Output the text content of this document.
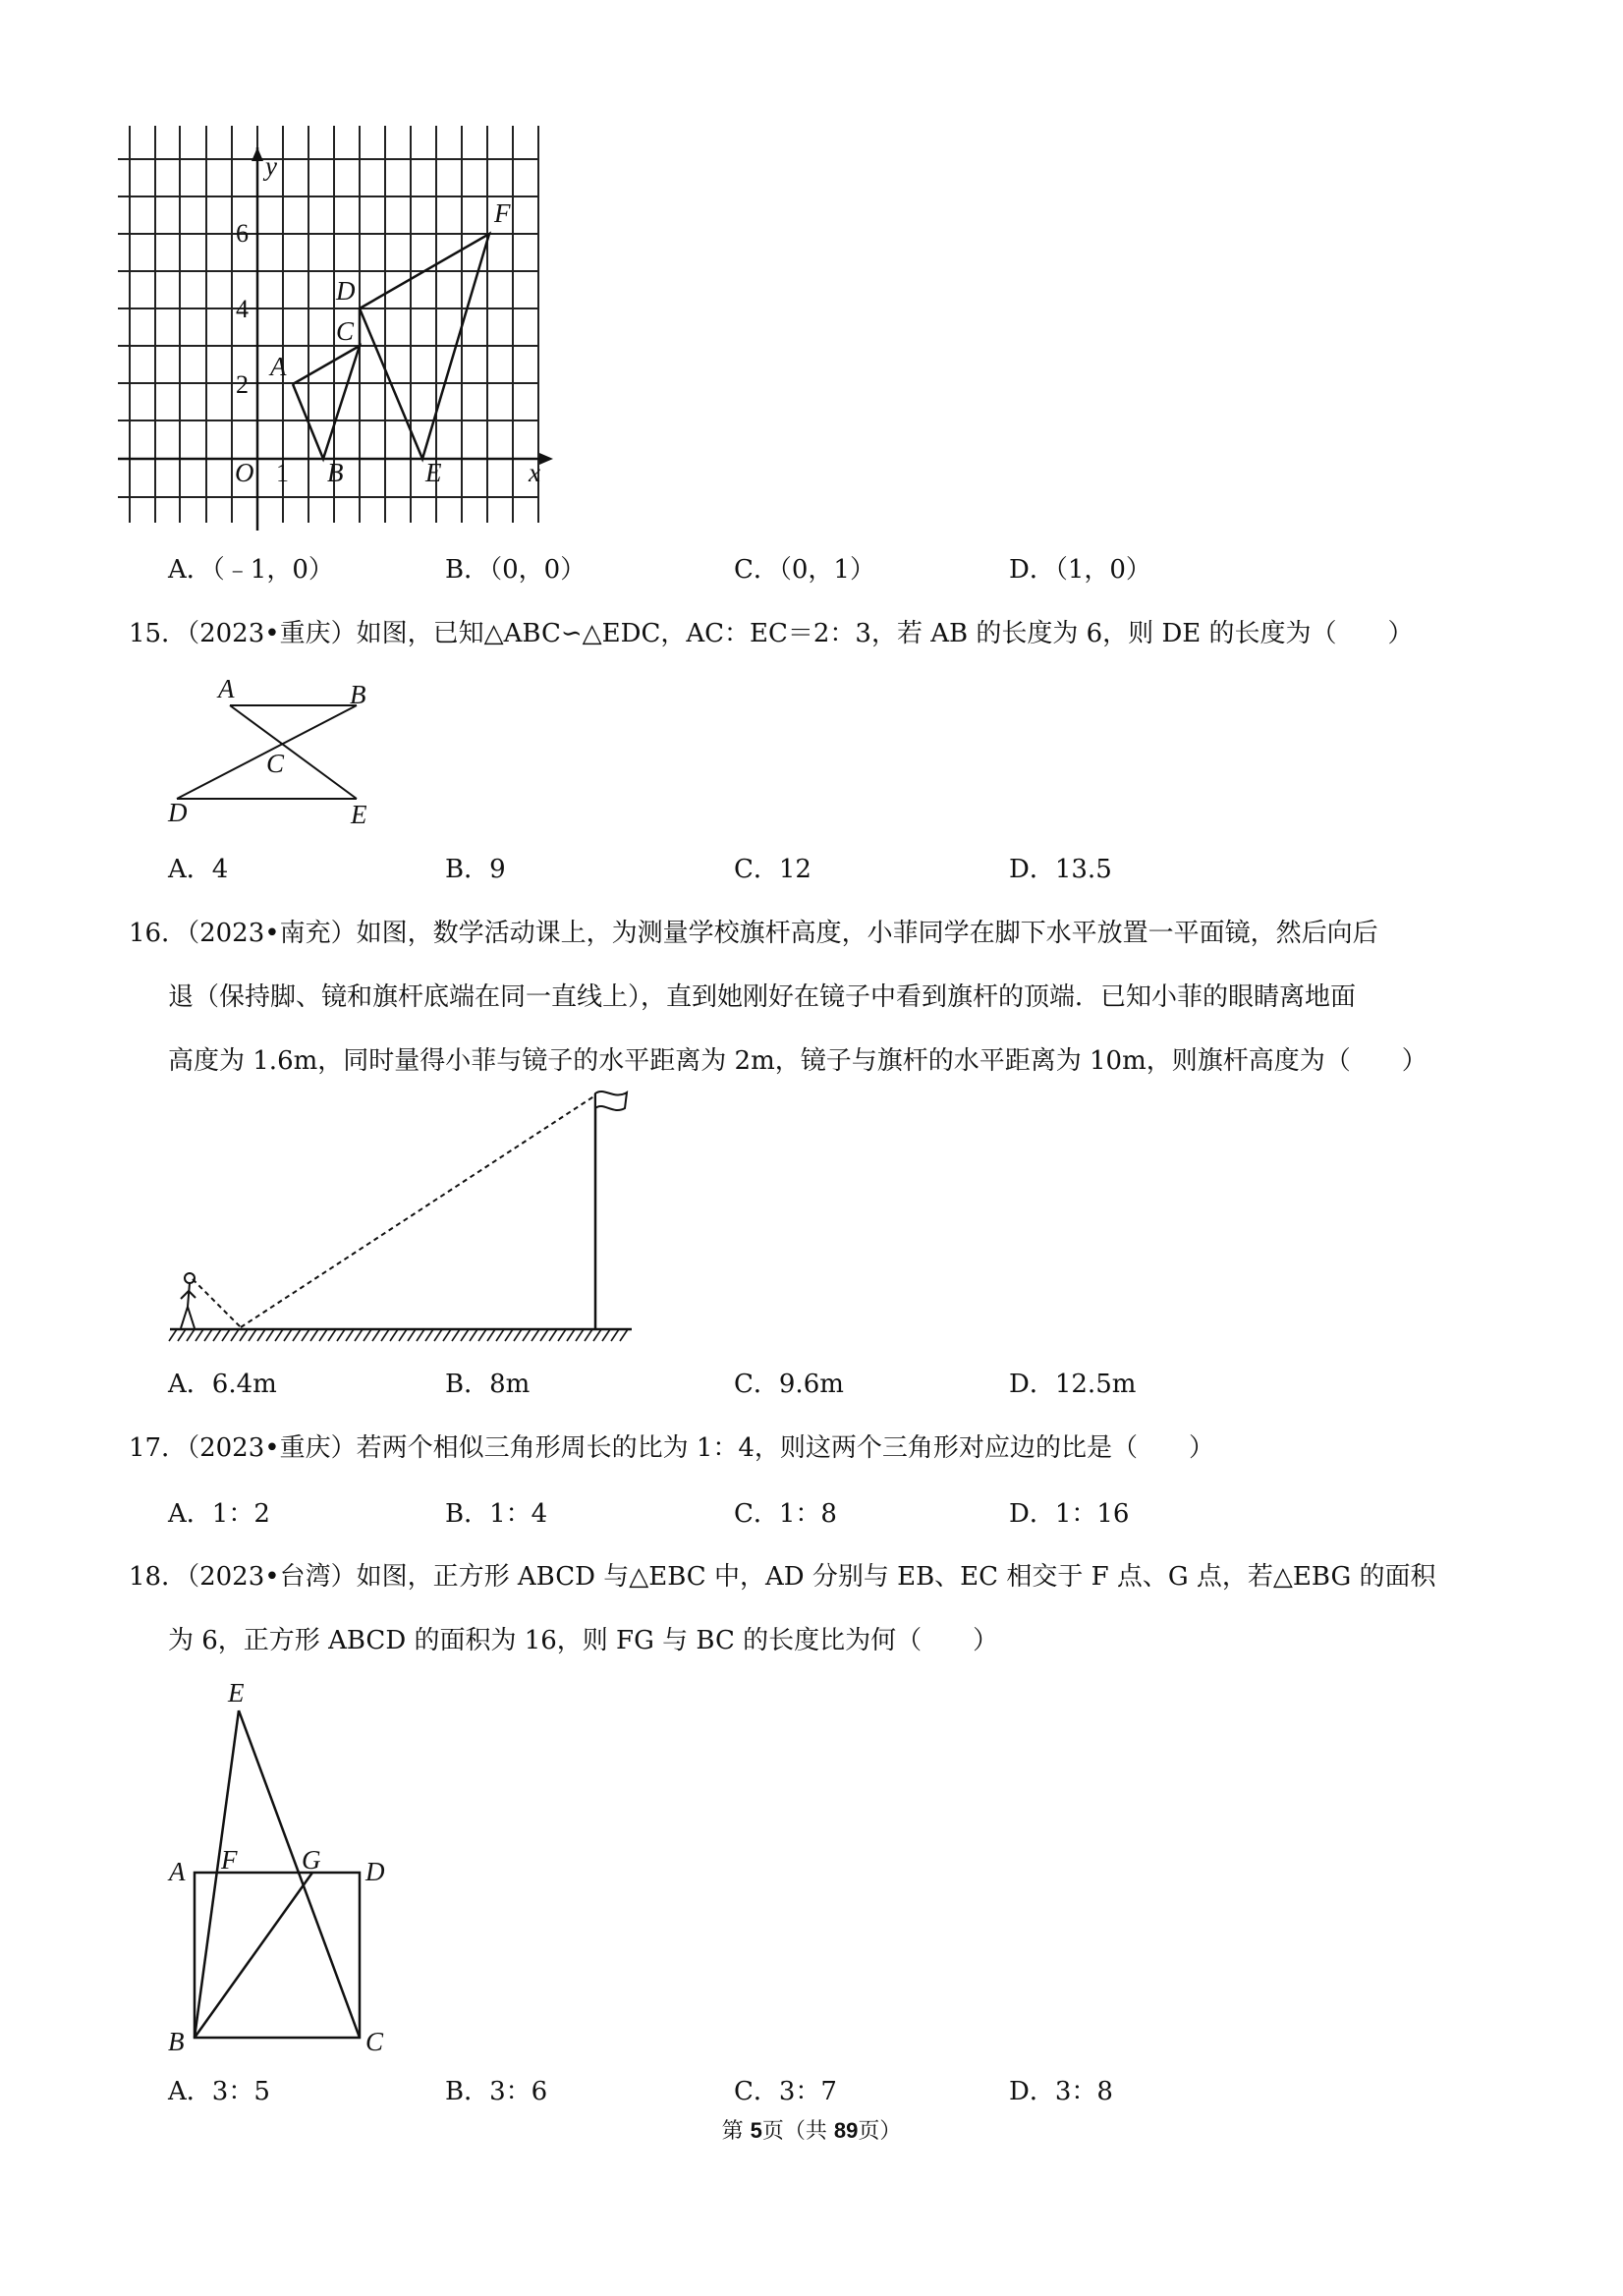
y
x
O 1
2
4
6
A
B
C
D
E
F
A．（﹣1，0）	B．（0，0）	C．（0，1）	D．（1，0）
15．（2023•重庆）如图，已知△ABC∽△EDC，AC：EC＝2：3，若 AB 的长度为 6，则 DE 的长度为（　　）
A	B
C
D	E
A．4	B．9	C．12	D．13.5
16．（2023•南充）如图，数学活动课上，为测量学校旗杆高度，小菲同学在脚下水平放置一平面镜，然后向后
退（保持脚、镜和旗杆底端在同一直线上），直到她刚好在镜子中看到旗杆的顶端．已知小菲的眼睛离地面
高度为 1.6m，同时量得小菲与镜子的水平距离为 2m，镜子与旗杆的水平距离为 10m，则旗杆高度为（　　）
A．6.4m	B．8m	C．9.6m	D．12.5m
17．（2023•重庆）若两个相似三角形周长的比为 1：4，则这两个三角形对应边的比是（　　）
A．1：2	B．1：4	C．1：8	D．1：16
18．（2023•台湾）如图，正方形 ABCD 与△EBC 中，AD 分别与 EB、EC 相交于 F 点、G 点，若△EBG 的面积
为 6，正方形 ABCD 的面积为 16，则 FG 与 BC 的长度比为何（　　）
E
A F G D
B	C
A．3：5	B．3：6	C．3：7	D．3：8
第 5页（共 89页）
